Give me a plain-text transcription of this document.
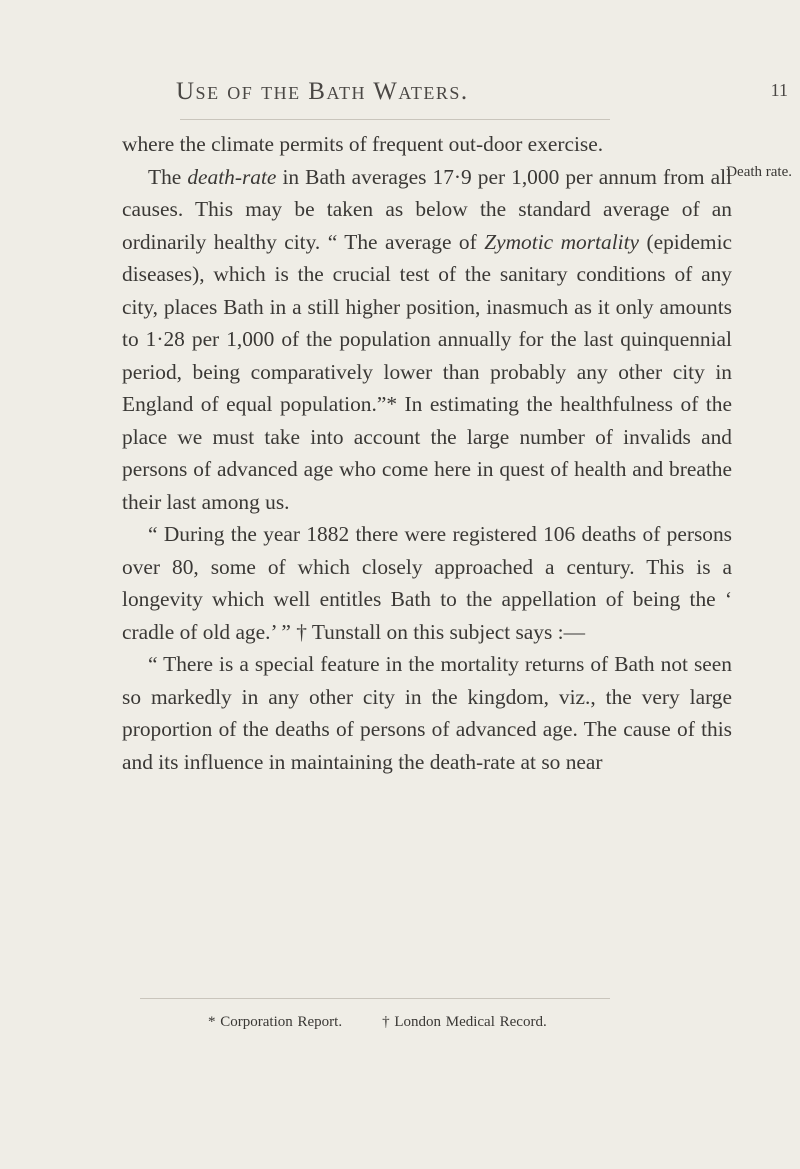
Use of the Bath Waters.	11
Death rate.

where the climate permits of frequent out-door exercise.

The death-rate in Bath averages 17·9 per 1,000 per annum from all causes. This may be taken as below the standard average of an ordinarily healthy city. “ The average of Zymotic mortality (epidemic diseases), which is the crucial test of the sanitary conditions of any city, places Bath in a still higher position, inasmuch as it only amounts to 1·28 per 1,000 of the population annually for the last quinquennial period, being comparatively lower than probably any other city in England of equal population.”* In estimating the healthfulness of the place we must take into account the large number of invalids and persons of advanced age who come here in quest of health and breathe their last among us.

“ During the year 1882 there were registered 106 deaths of persons over 80, some of which closely approached a century. This is a longevity which well entitles Bath to the appellation of being the ‘ cradle of old age.’ ” † Tunstall on this subject says :—

“ There is a special feature in the mortality returns of Bath not seen so markedly in any other city in the kingdom, viz., the very large proportion of the deaths of persons of advanced age. The cause of this and its influence in maintaining the death-rate at so near

* Corporation Report.	† London Medical Record.
